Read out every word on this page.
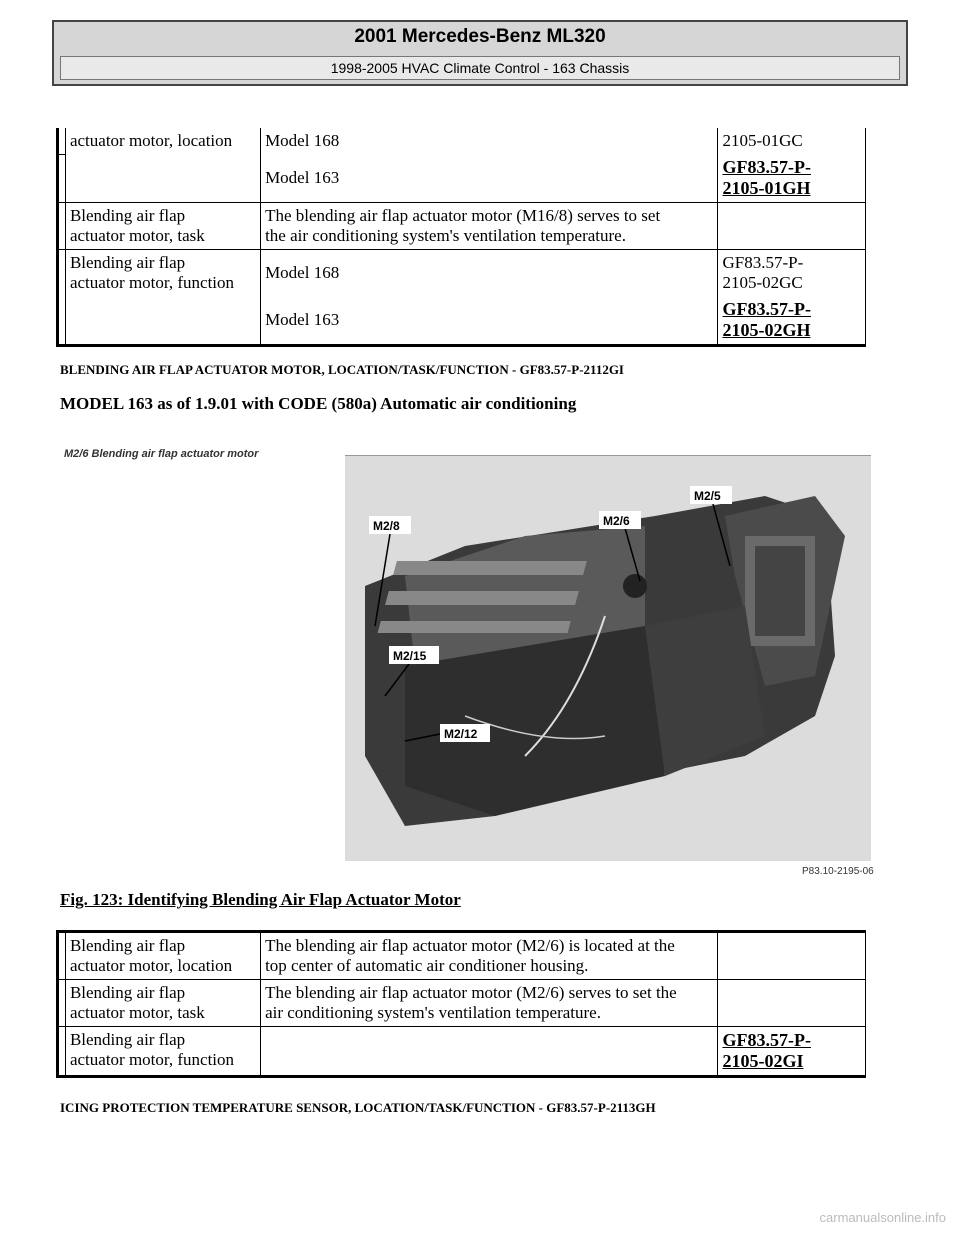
2001 Mercedes-Benz ML320
1998-2005 HVAC Climate Control - 163 Chassis
	actuator motor, location	Model 168	2105-01GC
		Model 163	GF83.57-P-
2105-01GH
	Blending air flap
actuator motor, task	The blending air flap actuator motor (M16/8) serves to set
the air conditioning system's ventilation temperature.	
	Blending air flap
actuator motor, function	Model 168	GF83.57-P-
2105-02GC
		Model 163	GF83.57-P-
2105-02GH
BLENDING AIR FLAP ACTUATOR MOTOR, LOCATION/TASK/FUNCTION - GF83.57-P-2112GI
MODEL 163 as of 1.9.01 with CODE (580a) Automatic air conditioning
M2/6 Blending air flap actuator motor
M2/8	M2/6
M2/5
M2/15
M2/12
P83.10-2195-06
Fig. 123: Identifying Blending Air Flap Actuator Motor
	Blending air flap
actuator motor, location	The blending air flap actuator motor (M2/6) is located at the
top center of automatic air conditioner housing.	
	Blending air flap
actuator motor, task	The blending air flap actuator motor (M2/6) serves to set the
air conditioning system's ventilation temperature.	
	Blending air flap
actuator motor, function		GF83.57-P-
2105-02GI
ICING PROTECTION TEMPERATURE SENSOR, LOCATION/TASK/FUNCTION - GF83.57-P-2113GH
carmanualsonline.info
